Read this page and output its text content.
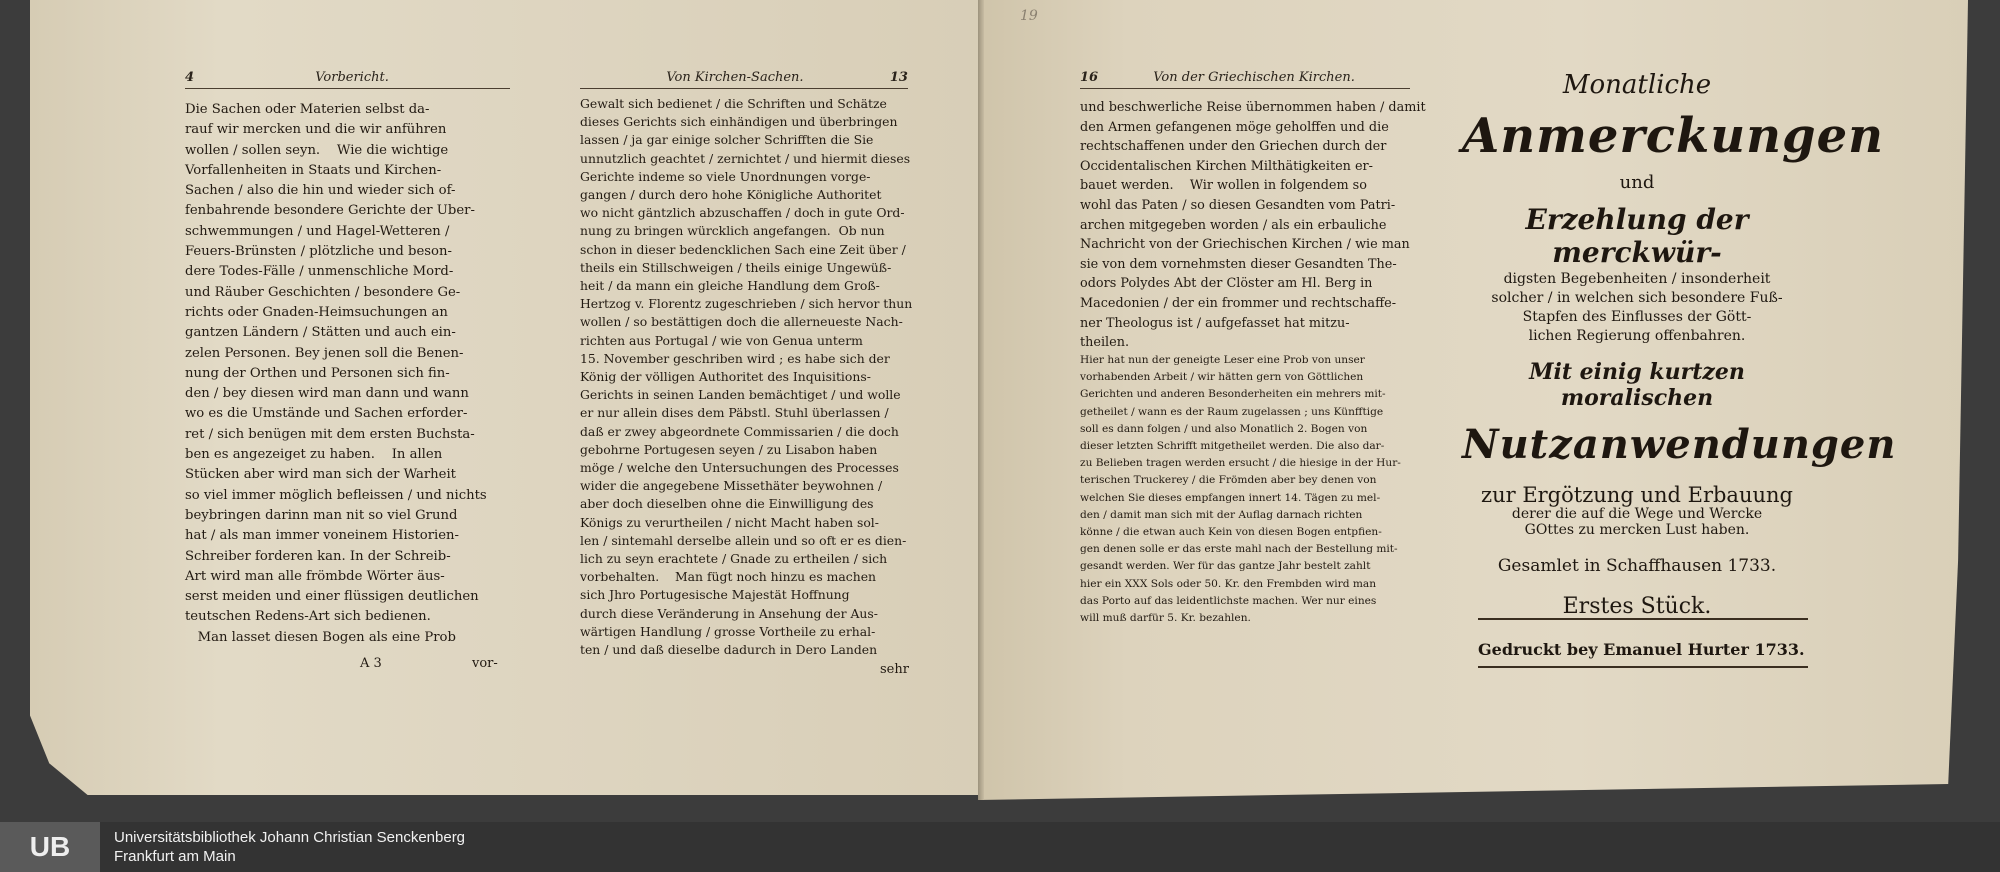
19
4	Vorbericht.
Die Sachen oder Materien selbst da-
rauf wir mercken und die wir anführen
wollen / sollen seyn.    Wie die wichtige
Vorfallenheiten in Staats und Kirchen-
Sachen / also die hin und wieder sich of-
fenbahrende besondere Gerichte der Uber-
schwemmungen / und Hagel-Wetteren /
Feuers-Brünsten / plötzliche und beson-
dere Todes-Fälle / unmenschliche Mord-
und Räuber Geschichten / besondere Ge-
richts oder Gnaden-Heimsuchungen an
gantzen Ländern / Stätten und auch ein-
zelen Personen. Bey jenen soll die Benen-
nung der Orthen und Personen sich fin-
den / bey diesen wird man dann und wann
wo es die Umstände und Sachen erforder-
ret / sich benügen mit dem ersten Buchsta-
ben es angezeiget zu haben.    In allen
Stücken aber wird man sich der Warheit
so viel immer möglich befleissen / und nichts
beybringen darinn man nit so viel Grund
hat / als man immer voneinem Historien-
Schreiber forderen kan. In der Schreib-
Art wird man alle frömbde Wörter äus-
serst meiden und einer flüssigen deutlichen
teutschen Redens-Art sich bedienen.
Man lasset diesen Bogen als eine Prob
A 3	vor-
Von Kirchen-Sachen.	13
Gewalt sich bedienet / die Schriften und Schätze
dieses Gerichts sich einhändigen und überbringen
lassen / ja gar einige solcher Schrifften die Sie
unnutzlich geachtet / zernichtet / und hiermit dieses
Gerichte indeme so viele Unordnungen vorge-
gangen / durch dero hohe Königliche Authoritet
wo nicht gäntzlich abzuschaffen / doch in gute Ord-
nung zu bringen würcklich angefangen.  Ob nun
schon in dieser bedencklichen Sach eine Zeit über /
theils ein Stillschweigen / theils einige Ungewüß-
heit / da mann ein gleiche Handlung dem Groß-
Hertzog v. Florentz zugeschrieben / sich hervor thun
wollen / so bestättigen doch die allerneueste Nach-
richten aus Portugal / wie von Genua unterm
15. November geschriben wird ; es habe sich der
König der völligen Authoritet des Inquisitions-
Gerichts in seinen Landen bemächtiget / und wolle
er nur allein dises dem Päbstl. Stuhl überlassen /
daß er zwey abgeordnete Commissarien / die doch
gebohrne Portugesen seyen / zu Lisabon haben
möge / welche den Untersuchungen des Processes
wider die angegebene Missethäter beywohnen /
aber doch dieselben ohne die Einwilligung des
Königs zu verurtheilen / nicht Macht haben sol-
len / sintemahl derselbe allein und so oft er es dien-
lich zu seyn erachtete / Gnade zu ertheilen / sich
vorbehalten.    Man fügt noch hinzu es machen
sich Jhro Portugesische Majestät Hoffnung
durch diese Veränderung in Ansehung der Aus-
wärtigen Handlung / grosse Vortheile zu erhal-
ten / und daß dieselbe dadurch in Dero Landen
sehr
16	Von der Griechischen Kirchen.
und beschwerliche Reise übernommen haben / damit
den Armen gefangenen möge geholffen und die
rechtschaffenen under den Griechen durch der
Occidentalischen Kirchen Milthätigkeiten er-
bauet werden.    Wir wollen in folgendem so
wohl das Paten / so diesen Gesandten vom Patri-
archen mitgegeben worden / als ein erbauliche
Nachricht von der Griechischen Kirchen / wie man
sie von dem vornehmsten dieser Gesandten The-
odors Polydes Abt der Clöster am Hl. Berg in
Macedonien / der ein frommer und rechtschaffe-
ner Theologus ist / aufgefasset hat mitzu-
theilen.
Hier hat nun der geneigte Leser eine Prob von unser
vorhabenden Arbeit / wir hätten gern von Göttlichen
Gerichten und anderen Besonderheiten ein mehrers mit-
getheilet / wann es der Raum zugelassen ; uns Künfftige
soll es dann folgen / und also Monatlich 2. Bogen von
dieser letzten Schrifft mitgetheilet werden. Die also dar-
zu Belieben tragen werden ersucht / die hiesige in der Hur-
terischen Truckerey / die Frömden aber bey denen von
welchen Sie dieses empfangen innert 14. Tägen zu mel-
den / damit man sich mit der Auflag darnach richten
könne / die etwan auch Kein von diesen Bogen entpfien-
gen denen solle er das erste mahl nach der Bestellung mit-
gesandt werden. Wer für das gantze Jahr bestelt zahlt
hier ein XXX Sols oder 50. Kr. den Frembden wird man
das Porto auf das leidentlichste machen. Wer nur eines
will muß darfür 5. Kr. bezahlen.
Monatliche
Anmerckungen
und
Erzehlung der merckwür-
digsten Begebenheiten / insonderheit
solcher / in welchen sich besondere Fuß-
Stapfen des Einflusses der Gött-
lichen Regierung offenbahren.
Mit einig kurtzen moralischen
Nutzanwendungen
zur Ergötzung und Erbauung
derer die auf die Wege und Wercke
GOttes zu mercken Lust haben.
Gesamlet in Schaffhausen 1733.
Erstes Stück.
Gedruckt bey Emanuel Hurter 1733.
UB	Universitätsbibliothek Johann Christian Senckenberg
Frankfurt am Main
